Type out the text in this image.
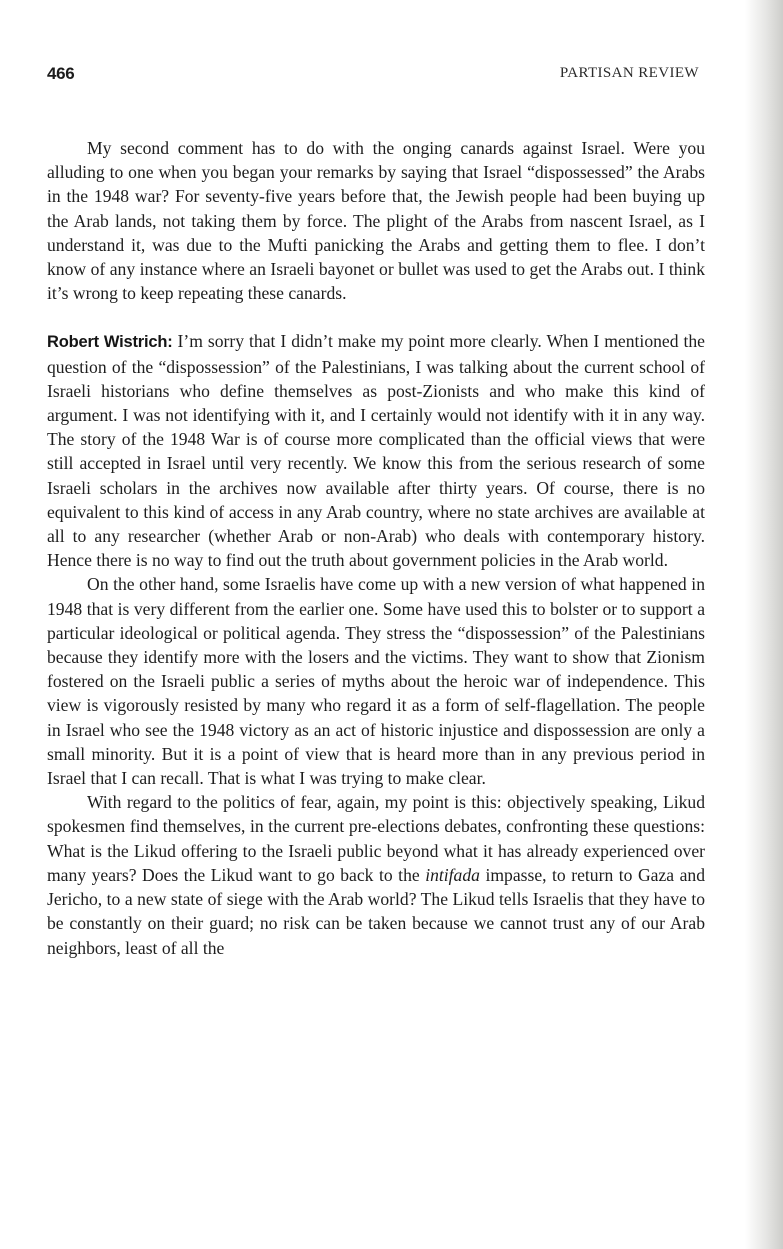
466	PARTISAN REVIEW

My second comment has to do with the onging canards against Israel. Were you alluding to one when you began your remarks by saying that Israel “dispossessed” the Arabs in the 1948 war? For seventy-five years before that, the Jewish people had been buying up the Arab lands, not taking them by force. The plight of the Arabs from nascent Israel, as I understand it, was due to the Mufti panicking the Arabs and getting them to flee. I don’t know of any instance where an Israeli bayonet or bullet was used to get the Arabs out. I think it’s wrong to keep repeating these canards.

Robert Wistrich: I’m sorry that I didn’t make my point more clearly. When I mentioned the question of the “dispossession” of the Palestinians, I was talking about the current school of Israeli historians who define themselves as post-Zionists and who make this kind of argument. I was not identifying with it, and I certainly would not identify with it in any way. The story of the 1948 War is of course more complicated than the official views that were still accepted in Israel until very recently. We know this from the serious research of some Israeli scholars in the archives now available after thirty years. Of course, there is no equivalent to this kind of access in any Arab country, where no state archives are available at all to any researcher (whether Arab or non-Arab) who deals with contemporary history. Hence there is no way to find out the truth about government policies in the Arab world.

On the other hand, some Israelis have come up with a new version of what happened in 1948 that is very different from the earlier one. Some have used this to bolster or to support a particular ideological or political agenda. They stress the “dispossession” of the Palestinians because they identify more with the losers and the victims. They want to show that Zionism fostered on the Israeli public a series of myths about the heroic war of independence. This view is vigorously resisted by many who regard it as a form of self-flagellation. The people in Israel who see the 1948 victory as an act of historic injustice and dispossession are only a small minority. But it is a point of view that is heard more than in any previous period in Israel that I can recall. That is what I was trying to make clear.

With regard to the politics of fear, again, my point is this: objectively speaking, Likud spokesmen find themselves, in the current pre-elections debates, confronting these questions: What is the Likud offering to the Israeli public beyond what it has already experienced over many years? Does the Likud want to go back to the intifada impasse, to return to Gaza and Jericho, to a new state of siege with the Arab world? The Likud tells Israelis that they have to be constantly on their guard; no risk can be taken because we cannot trust any of our Arab neighbors, least of all the
